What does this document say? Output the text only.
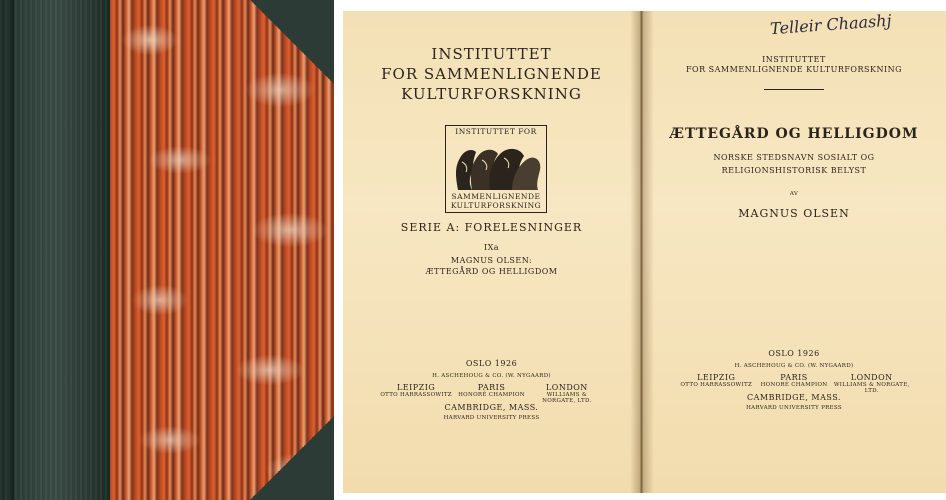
INSTITUTTET

FOR SAMMENLIGNENDE

KULTURFORSKNING

INSTITUTTET FOR
SAMMENLIGNENDE
KULTURFORSKNING

SERIE A: FORELESNINGER

IXa

MAGNUS OLSEN:

ÆTTEGÅRD OG HELLIGDOM

OSLO 1926

H. ASCHEHOUG & CO. (W. NYGAARD)

LEIPZIG
OTTO HARRASSOWITZ
PARIS
HONORÉ CHAMPION
LONDON
WILLIAMS & NORGATE, LTD.

CAMBRIDGE, MASS.

HARVARD UNIVERSITY PRESS

Telleir Chaashj

INSTITUTTET

FOR SAMMENLIGNENDE KULTURFORSKNING

ÆTTEGÅRD OG HELLIGDOM

NORSKE STEDSNAVN SOSIALT OG

RELIGIONSHISTORISK BELYST

AV

MAGNUS OLSEN

OSLO 1926

H. ASCHEHOUG & CO. (W. NYGAARD)

LEIPZIG
OTTO HARRASSOWITZ
PARIS
HONORÉ CHAMPION
LONDON
WILLIAMS & NORGATE, LTD.

CAMBRIDGE, MASS.

HARVARD UNIVERSITY PRESS
